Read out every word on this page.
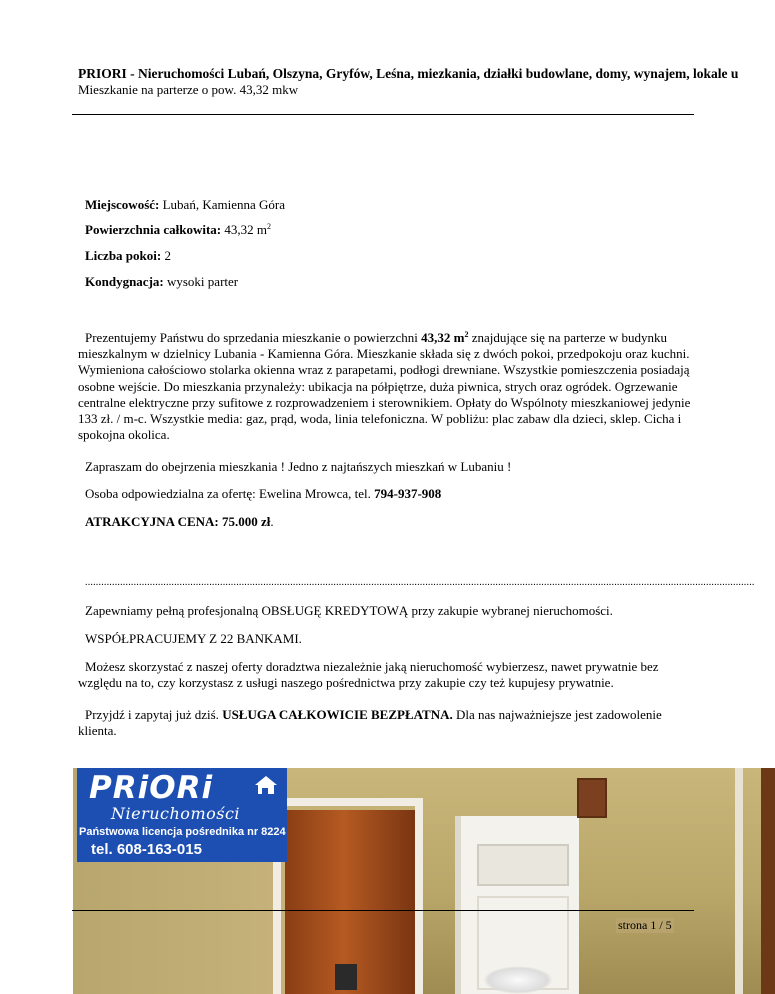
PRIORI - Nieruchomości Lubań, Olszyna, Gryfów, Leśna, miezkania, działki budowlane, domy, wynajem, lokale u
Mieszkanie na parterze o pow. 43,32 mkw
Miejscowość: Lubań, Kamienna Góra
Powierzchnia całkowita: 43,32 $m^2$
Liczba pokoi: 2
Kondygnacja: wysoki parter
Prezentujemy Państwu do sprzedania mieszkanie o powierzchni 43,32 $m^2$ znajdujące się na parterze w budynku mieszkalnym w dzielnicy Lubania - Kamienna Góra. Mieszkanie składa się z dwóch pokoi, przedpokoju oraz kuchni. Wymieniona całościowo stolarka okienna wraz z parapetami, podłogi drewniane. Wszystkie pomieszczenia posiadają osobne wejście. Do mieszkania przynależy: ubikacja na półpiętrze, duża piwnica, strych oraz ogródek. Ogrzewanie centralne elektryczne przy sufitowe z rozprowadzeniem i sterownikiem. Opłaty do Wspólnoty mieszkaniowej jedynie 133 zł. / m-c. Wszystkie media: gaz, prąd, woda, linia telefoniczna. W pobliżu: plac zabaw dla dzieci, sklep. Cicha i spokojna okolica.
Zapraszam do obejrzenia mieszkania ! Jedno z najtańszych mieszkań w Lubaniu !
Osoba odpowiedzialna za ofertę: Ewelina Mrowca, tel. 794-937-908
ATRAKCYJNA CENA: 75.000 zł.
........................................................................................................................................................................................................................................................
Zapewniamy pełną profesjonalną OBSŁUGĘ KREDYTOWĄ przy zakupie wybranej nieruchomości.
WSPÓŁPRACUJEMY Z 22 BANKAMI.
Możesz skorzystać z naszej oferty doradztwa niezależnie jaką nieruchomość wybierzesz, nawet prywatnie bez względu na to, czy korzystasz z usługi naszego pośrednictwa przy zakupie czy też kupujesy prywatnie.
Przyjdź i zapytaj już dziś. USŁUGA CAŁKOWICIE BEZPŁATNA. Dla nas najważniejsze jest zadowolenie klienta.
PRiORi
Nieruchomości
Państwowa licencja pośrednika nr 8224
tel. 608-163-015
strona 1 / 5
